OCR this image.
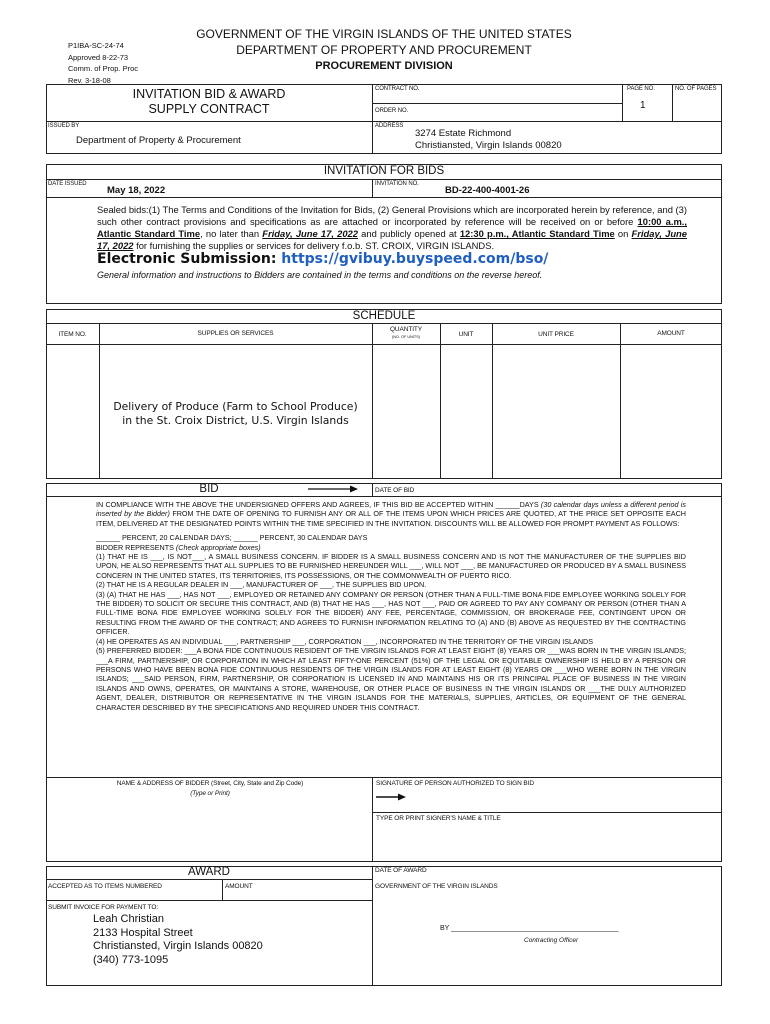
P1IBA-SC-24-74
Approved 8-22-73
Comm. of Prop. Proc
Rev. 3-18-08
GOVERNMENT OF THE VIRGIN ISLANDS OF THE UNITED STATES
DEPARTMENT OF PROPERTY AND PROCUREMENT
PROCUREMENT DIVISION
INVITATION BID & AWARD
SUPPLY CONTRACT
CONTRACT NO.
ORDER NO.
PAGE NO.	NO. OF PAGES
1
ISSUED BY
Department of Property & Procurement
ADDRESS
3274 Estate Richmond
Christiansted, Virgin Islands 00820
INVITATION FOR BIDS
DATE ISSUED
May 18, 2022
INVITATION NO.
BD-22-400-4001-26
Sealed bids:(1) The Terms and Conditions of the Invitation for Bids, (2) General Provisions which are incorporated herein by reference, and (3) such other contract provisions and specifications as are attached or incorporated by reference will be received on or before 10:00 a.m., Atlantic Standard Time, no later than Friday, June 17, 2022 and publicly opened at 12:30 p.m., Atlantic Standard Time on Friday, June 17, 2022 for furnishing the supplies or services for delivery f.o.b. ST. CROIX, VIRGIN ISLANDS.
Electronic Submission: https://gvibuy.buyspeed.com/bso/
General information and instructions to Bidders are contained in the terms and conditions on the reverse hereof.
SCHEDULE
ITEM NO.	SUPPLIES OR SERVICES
QUANTITY
(NO. OF UNITS)	UNIT	UNIT PRICE	AMOUNT
Delivery of Produce (Farm to School Produce)
in the St. Croix District, U.S. Virgin Islands
BID	DATE OF BID
IN COMPLIANCE WITH THE ABOVE THE UNDERSIGNED OFFERS AND AGREES, IF THIS BID BE ACCEPTED WITHIN ______DAYS (30 calendar days unless a different period is inserted by the Bidder) FROM THE DATE OF OPENING TO FURNISH ANY OR ALL OF THE ITEMS UPON WHICH PRICES ARE QUOTED, AT THE PRICE SET OPPOSITE EACH ITEM, DELIVERED AT THE DESIGNATED POINTS WITHIN THE TIME SPECIFIED IN THE INVITATION. DISCOUNTS WILL BE ALLOWED FOR PROMPT PAYMENT AS FOLLOWS:
______ PERCENT, 20 CALENDAR DAYS; ______ PERCENT, 30 CALENDAR DAYS
BIDDER REPRESENTS (Check appropriate boxes)
(1) THAT HE IS ___, IS NOT___, A SMALL BUSINESS CONCERN. IF BIDDER IS A SMALL BUSINESS CONCERN AND IS NOT THE MANUFACTURER OF THE SUPPLIES BID UPON, HE ALSO REPRESENTS THAT ALL SUPPLIES TO BE FURNISHED HEREUNDER WILL ___, WILL NOT ___, BE MANUFACTURED OR PRODUCED BY A SMALL BUSINESS CONCERN IN THE UNITED STATES, ITS TERRITORIES, ITS POSSESSIONS, OR THE COMMONWEALTH OF PUERTO RICO.
(2) THAT HE IS A REGULAR DEALER IN ___, MANUFACTURER OF ___, THE SUPPLIES BID UPON.
(3) (A) THAT HE HAS ___, HAS NOT ___, EMPLOYED OR RETAINED ANY COMPANY OR PERSON (OTHER THAN A FULL-TIME BONA FIDE EMPLOYEE WORKING SOLELY FOR THE BIDDER) TO SOLICIT OR SECURE THIS CONTRACT, AND (B) THAT HE HAS ___, HAS NOT ___, PAID OR AGREED TO PAY ANY COMPANY OR PERSON (OTHER THAN A FULL-TIME BONA FIDE EMPLOYEE WORKING SOLELY FOR THE BIDDER) ANY FEE, PERCENTAGE, COMMISSION, OR BROKERAGE FEE, CONTINGENT UPON OR RESULTING FROM THE AWARD OF THE CONTRACT; AND AGREES TO FURNISH INFORMATION RELATING TO (A) AND (B) ABOVE AS REQUESTED BY THE CONTRACTING OFFICER.
(4) HE OPERATES AS AN INDIVIDUAL ___, PARTNERSHIP ___, CORPORATION ___, INCORPORATED IN THE TERRITORY OF THE VIRGIN ISLANDS
(5) PREFERRED BIDDER: ___A BONA FIDE CONTINUOUS RESIDENT OF THE VIRGIN ISLANDS FOR AT LEAST EIGHT (8) YEARS OR ___WAS BORN IN THE VIRGIN ISLANDS; ___A FIRM, PARTNERSHIP, OR CORPORATION IN WHICH AT LEAST FIFTY-ONE PERCENT (51%) OF THE LEGAL OR EQUITABLE OWNERSHIP IS HELD BY A PERSON OR PERSONS WHO HAVE BEEN BONA FIDE CONTINUOUS RESIDENTS OF THE VIRGIN ISLANDS FOR AT LEAST EIGHT (8) YEARS OR ___WHO WERE BORN IN THE VIRGIN ISLANDS; ___SAID PERSON, FIRM, PARTNERSHIP, OR CORPORATION IS LICENSED IN AND MAINTAINS HIS OR ITS PRINCIPAL PLACE OF BUSINESS IN THE VIRGIN ISLANDS AND OWNS, OPERATES, OR MAINTAINS A STORE, WAREHOUSE, OR OTHER PLACE OF BUSINESS IN THE VIRGIN ISLANDS OR ___THE DULY AUTHORIZED AGENT, DEALER, DISTRIBUTOR OR REPRESENTATIVE IN THE VIRGIN ISLANDS FOR THE MATERIALS, SUPPLIES, ARTICLES, OR EQUIPMENT OF THE GENERAL CHARACTER DESCRIBED BY THE SPECIFICATIONS AND REQUIRED UNDER THIS CONTRACT.
NAME & ADDRESS OF BIDDER (Street, City, State and Zip Code)
(Type or Print)
SIGNATURE OF PERSON AUTHORIZED TO SIGN BID
TYPE OR PRINT SIGNER'S NAME & TITLE
AWARD	DATE OF AWARD
ACCEPTED AS TO ITEMS NUMBERED	AMOUNT	GOVERNMENT OF THE VIRGIN ISLANDS
SUBMIT INVOICE FOR PAYMENT TO:
Leah Christian
2133 Hospital Street
Christiansted, Virgin Islands 00820
(340) 773-1095
BY ___________________________________________
Contracting Officer
